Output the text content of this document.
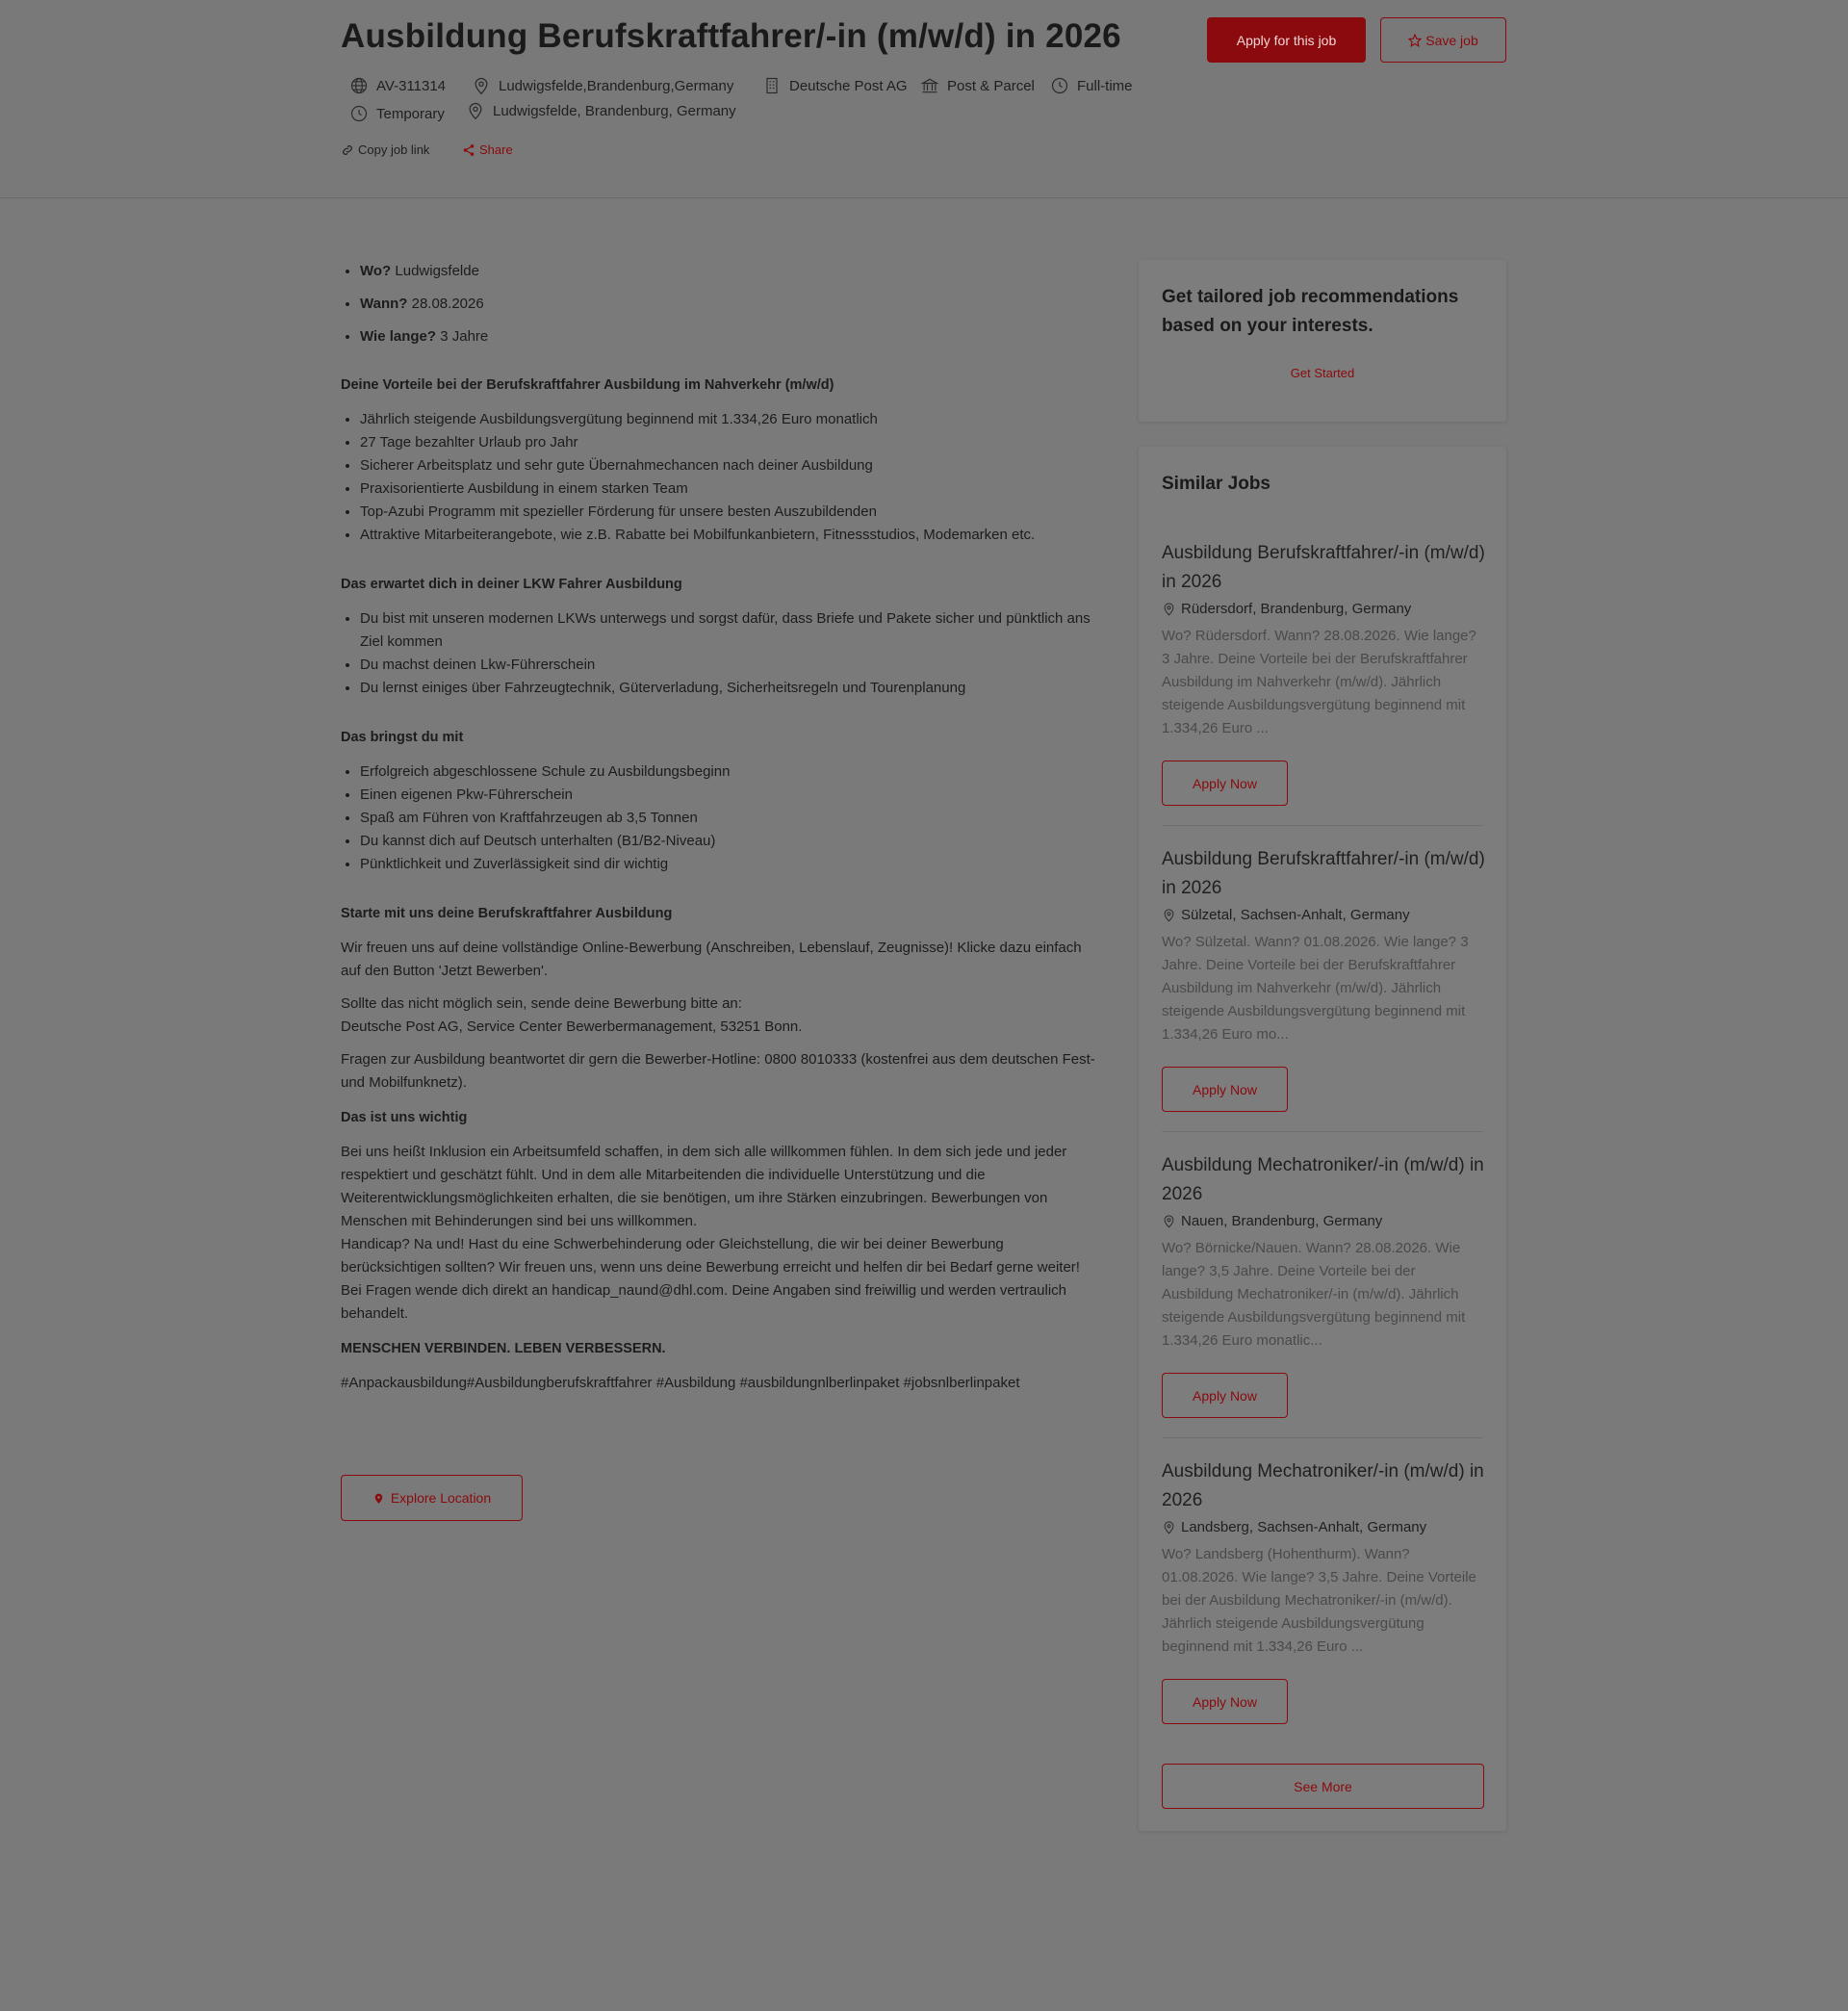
Ausbildung Berufskraftfahrer/-in (m/w/d) in 2026	Apply for this job	Save job
AV-311314	Ludwigsfelde,Brandenburg,Germany	Deutsche Post AG	Post & Parcel	Full-time
Temporary	Ludwigsfelde, Brandenburg, Germany
Copy job link	Share
• Wo? Ludwigsfelde
• Wann? 28.08.2026
• Wie lange? 3 Jahre

Deine Vorteile bei der Berufskraftfahrer Ausbildung im Nahverkehr (m/w/d)

• Jährlich steigende Ausbildungsvergütung beginnend mit 1.334,26 Euro monatlich
• 27 Tage bezahlter Urlaub pro Jahr
• Sicherer Arbeitsplatz und sehr gute Übernahmechancen nach deiner Ausbildung
• Praxisorientierte Ausbildung in einem starken Team
• Top-Azubi Programm mit spezieller Förderung für unsere besten Auszubildenden
• Attraktive Mitarbeiterangebote, wie z.B. Rabatte bei Mobilfunkanbietern, Fitnessstudios, Modemarken etc.

Das erwartet dich in deiner LKW Fahrer Ausbildung

• Du bist mit unseren modernen LKWs unterwegs und sorgst dafür, dass Briefe und Pakete sicher und pünktlich ans Ziel kommen
• Du machst deinen Lkw-Führerschein
• Du lernst einiges über Fahrzeugtechnik, Güterverladung, Sicherheitsregeln und Tourenplanung

Das bringst du mit

• Erfolgreich abgeschlossene Schule zu Ausbildungsbeginn
• Einen eigenen Pkw-Führerschein
• Spaß am Führen von Kraftfahrzeugen ab 3,5 Tonnen
• Du kannst dich auf Deutsch unterhalten (B1/B2-Niveau)
• Pünktlichkeit und Zuverlässigkeit sind dir wichtig

Starte mit uns deine Berufskraftfahrer Ausbildung

Wir freuen uns auf deine vollständige Online-Bewerbung (Anschreiben, Lebenslauf, Zeugnisse)! Klicke dazu einfach auf den Button 'Jetzt Bewerben'.

Sollte das nicht möglich sein, sende deine Bewerbung bitte an:

Deutsche Post AG, Service Center Bewerbermanagement, 53251 Bonn.

Fragen zur Ausbildung beantwortet dir gern die Bewerber-Hotline: 0800 8010333 (kostenfrei aus dem deutschen Fest- und Mobilfunknetz).

Das ist uns wichtig

Bei uns heißt Inklusion ein Arbeitsumfeld schaffen, in dem sich alle willkommen fühlen. In dem sich jede und jeder respektiert und geschätzt fühlt. Und in dem alle Mitarbeitenden die individuelle Unterstützung und die Weiterentwicklungsmöglichkeiten erhalten, die sie benötigen, um ihre Stärken einzubringen. Bewerbungen von Menschen mit Behinderungen sind bei uns willkommen.

Handicap? Na und! Hast du eine Schwerbehinderung oder Gleichstellung, die wir bei deiner Bewerbung berücksichtigen sollten? Wir freuen uns, wenn uns deine Bewerbung erreicht und helfen dir bei Bedarf gerne weiter! Bei Fragen wende dich direkt an handicap_naund@dhl.com. Deine Angaben sind freiwillig und werden vertraulich behandelt.

MENSCHEN VERBINDEN. LEBEN VERBESSERN.

#Anpackausbildung#Ausbildungberufskraftfahrer #Ausbildung #ausbildungnlberlinpaket #jobsnlberlinpaket

Explore Location
Get tailored job recommendations based on your interests.
Get Started
Similar Jobs
Ausbildung Berufskraftfahrer/-in (m/w/d) in 2026
Rüdersdorf, Brandenburg, Germany

Wo? Rüdersdorf. Wann? 28.08.2026. Wie lange? 3 Jahre. Deine Vorteile bei der Berufskraftfahrer Ausbildung im Nahverkehr (m/w/d). Jährlich steigende Ausbildungsvergütung beginnend mit 1.334,26 Euro ...

Apply Now
Ausbildung Berufskraftfahrer/-in (m/w/d) in 2026
Sülzetal, Sachsen-Anhalt, Germany

Wo? Sülzetal. Wann? 01.08.2026. Wie lange? 3 Jahre. Deine Vorteile bei der Berufskraftfahrer Ausbildung im Nahverkehr (m/w/d). Jährlich steigende Ausbildungsvergütung beginnend mit 1.334,26 Euro mo...

Apply Now
Ausbildung Mechatroniker/-in (m/w/d) in 2026
Nauen, Brandenburg, Germany

Wo? Börnicke/Nauen. Wann? 28.08.2026. Wie lange? 3,5 Jahre. Deine Vorteile bei der Ausbildung Mechatroniker/-in (m/w/d). Jährlich steigende Ausbildungsvergütung beginnend mit 1.334,26 Euro monatlic...

Apply Now
Ausbildung Mechatroniker/-in (m/w/d) in 2026
Landsberg, Sachsen-Anhalt, Germany

Wo? Landsberg (Hohenthurm). Wann? 01.08.2026. Wie lange? 3,5 Jahre. Deine Vorteile bei der Ausbildung Mechatroniker/-in (m/w/d). Jährlich steigende Ausbildungsvergütung beginnend mit 1.334,26 Euro ...

Apply Now
See More
